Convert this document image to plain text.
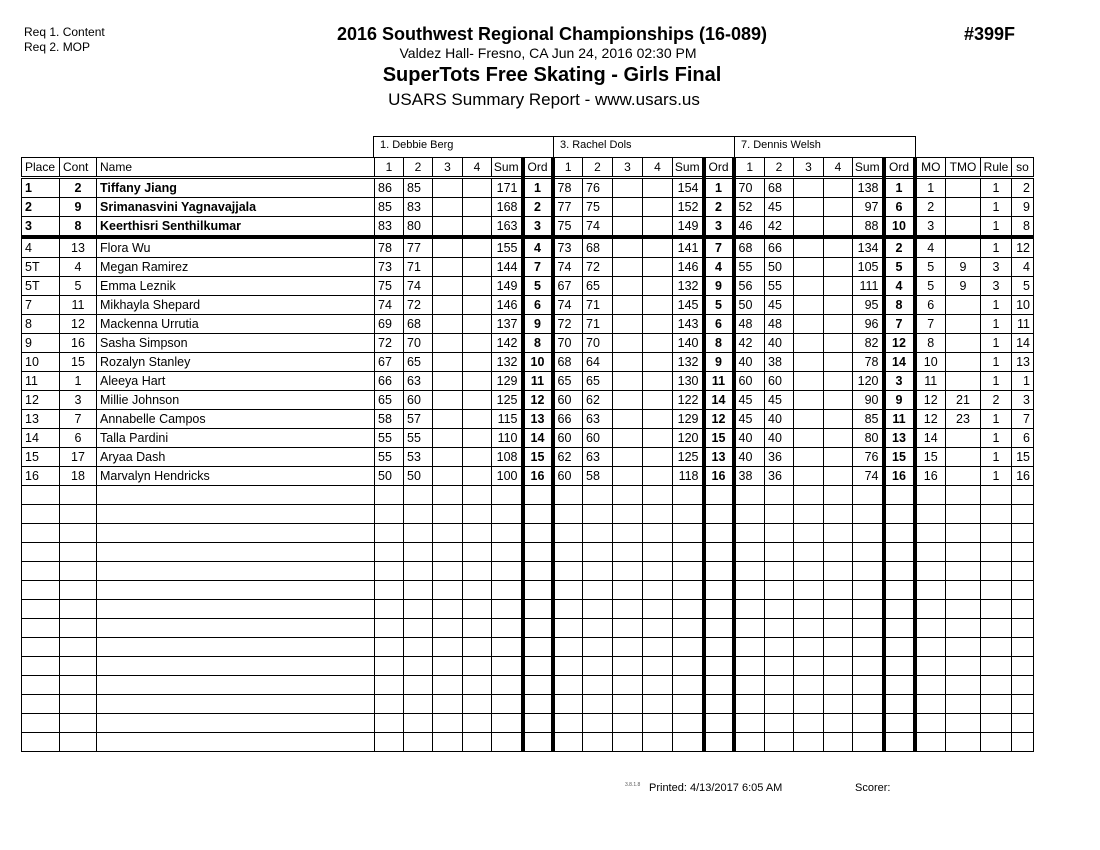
Req 1. Content
Req 2. MOP
2016 Southwest Regional Championships (16-089)
Valdez Hall- Fresno, CA Jun 24, 2016 02:30 PM
SuperTots Free Skating - Girls Final
USARS Summary Report - www.usars.us
#399F
1. Debbie Berg	3. Rachel Dols	7. Dennis Welsh
Place	Cont	Name	1	2	3	4	Sum	Ord	1	2	3	4	Sum	Ord	1	2	3	4	Sum	Ord	MO	TMO	Rule	so
1	2	Tiffany Jiang	86	85			171	1	78	76			154	1	70	68			138	1	1		1	2
2	9	Srimanasvini Yagnavajjala	85	83			168	2	77	75			152	2	52	45			97	6	2		1	9
3	8	Keerthisri Senthilkumar	83	80			163	3	75	74			149	3	46	42			88	10	3		1	8
4	13	Flora Wu	78	77			155	4	73	68			141	7	68	66			134	2	4		1	12
5T	4	Megan Ramirez	73	71			144	7	74	72			146	4	55	50			105	5	5	9	3	4
5T	5	Emma Leznik	75	74			149	5	67	65			132	9	56	55			111	4	5	9	3	5
7	11	Mikhayla Shepard	74	72			146	6	74	71			145	5	50	45			95	8	6		1	10
8	12	Mackenna Urrutia	69	68			137	9	72	71			143	6	48	48			96	7	7		1	11
9	16	Sasha Simpson	72	70			142	8	70	70			140	8	42	40			82	12	8		1	14
10	15	Rozalyn Stanley	67	65			132	10	68	64			132	9	40	38			78	14	10		1	13
11	1	Aleeya Hart	66	63			129	11	65	65			130	11	60	60			120	3	11		1	1
12	3	Millie Johnson	65	60			125	12	60	62			122	14	45	45			90	9	12	21	2	3
13	7	Annabelle Campos	58	57			115	13	66	63			129	12	45	40			85	11	12	23	1	7
14	6	Talla Pardini	55	55			110	14	60	60			120	15	40	40			80	13	14		1	6
15	17	Aryaa Dash	55	53			108	15	62	63			125	13	40	36			76	15	15		1	15
16	18	Marvalyn Hendricks	50	50			100	16	60	58			118	16	38	36			74	16	16		1	16

3.8.1.8 Printed: 4/13/2017 6:05 AM	Scorer:
